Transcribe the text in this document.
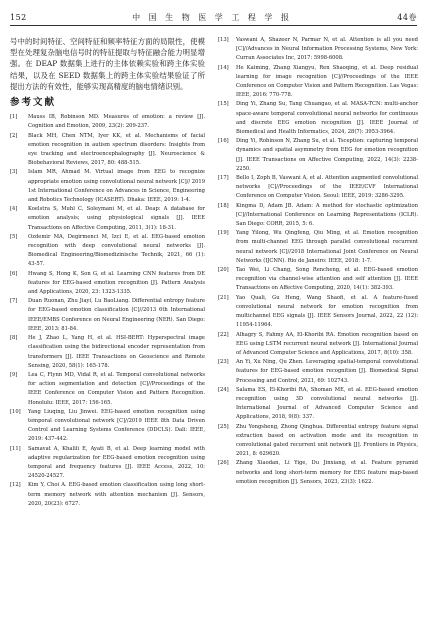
152	中 国 生 物 医 学 工 程 学 报	44卷

号中的时间特征、空间特征和频率特征方面的局限性，使模型在处理复杂脑电信号时的特征提取与特征融合能力明显增强。在 DEAP 数据集上进行的主体依赖实验和跨主体实验结果，以及在 SEED 数据集上的跨主体实验结果验证了所提出方法的有效性，能够实现高精度的脑电情绪识别。

参考文献
[1]	Mauss IB, Robinson MD. Measures of emotion: a review [J]. Cognition and Emotion, 2009, 23(2): 209-237.
[2]	Black MH, Chen NTM, Iyer KK, et al. Mechanisms of facial emotion recognition in autism spectrum disorders: Insights from eye tracking and electroencephalography [J]. Neuroscience & Biobehavioral Reviews, 2017, 80: 488-515.
[3]	Islam MR, Ahmad M. Virtual image from EEG to recognize appropriate emotion using convolutional neural network [C]// 2019 1st International Conference on Advances in Science, Engineering and Robotics Technology (ICASERT). Dhaka: IEEE, 2019: 1-4.
[4]	Koelstra S, Muhl C, Soleymani M, et al. Deap: A database for emotion analysis; using physiological signals [J]. IEEE Transactions on Affective Computing, 2011, 3(1): 18-31.
[5]	Ozdemir MA, Degirmenci M, Izci E, et al. EEG-based emotion recognition with deep convolutional neural networks [J]. Biomedical Engineering/Biomedizinische Technik, 2021, 66 (1): 43-57.
[6]	Hwang S, Hong K, Son G, et al. Learning CNN features from DE features for EEG-based emotion recognition [J]. Pattern Analysis and Applications, 2020, 23: 1323-1335.
[7]	Duan Ruonan, Zhu Jiayi, Lu BaoLiang. Differential entropy feature for EEG-based emotion classification [C]//2013 6th International IEEE/EMBS Conference on Neural Engineering (NER). San Diego: IEEE, 2013: 81-84.
[8]	He J, Zhao L, Yang H, et al. HSI-BERT: Hyperspectral image classification using the bidirectional encoder representation from transformers [J]. IEEE Transactions on Geoscience and Remote Sensing, 2020, 58(1): 165-178.
[9]	Lea C, Flynn MD, Vidal R, et al. Temporal convolutional networks for action segmentation and detection [C]//Proceedings of the IEEE Conference on Computer Vision and Pattern Recognition. Honolulu: IEEE, 2017: 156-165.
[10]	Yang Liuqing, Liu Jinwei. EEG-based emotion recognition using temporal convolutional network [C]//2019 IEEE 8th Data Driven Control and Learning Systems Conference (DDCLS). Dali: IEEE, 2019: 437-442.
[11]	Samavat A, Khalili E, Ayati B, et al. Deep learning model with adaptive regularization for EEG-based emotion recognition using temporal and frequency features [J]. IEEE Access, 2022, 10: 24520-24527.
[12]	Kim Y, Choi A. EEG-based emotion classification using long short-term memory network with attention mechanism [J]. Sensors, 2020, 20(23): 6727.
[13]	Vaswani A, Shazeer N, Parmar N, et al. Attention is all you need [C]//Advances in Neural Information Processing Systems, New York: Curran Associates Inc, 2017: 5998-6008.
[14]	He Kaiming, Zhang Xiangyu, Ren Shaoqing, et al. Deep residual learning for image recognition [C]//Proceedings of the IEEE Conference on Computer Vision and Pattern Recognition. Las Vegas: IEEE, 2016: 770-778.
[15]	Ding Yi, Zhang Su, Tang Chuangao, et al. MASA-TCN: multi-anchor space-aware temporal convolutional neural networks for continuous and discrete EEG emotion recognition [J]. IEEE Journal of Biomedical and Health Informatics, 2024, 28(7): 3953-3964.
[16]	Ding Yi, Robinson N, Zhang Su, et al. Tsception: capturing temporal dynamics and spatial asymmetry from EEG for emotion recognition [J]. IEEE Transactions on Affective Computing, 2022, 14(3): 2238-2250.
[17]	Bello I, Zoph B, Vaswani A, et al. Attention augmented convolutional networks [C]//Proceedings of the IEEE/CVF International Conference on Computer Vision. Seoul: IEEE, 2019: 3286-3295.
[18]	Kingma D, Adam JB. Adam: A method for stochastic optimization [C]//International Conference on Learning Representations (ICLR). San Diego: CORR, 2015, 5: 6.
[19]	Yang Yilong, Wu Qingfeng, Qiu Ming, et al. Emotion recognition from multi-channel EEG through parallel convolutional recurrent neural network [C]//2018 International Joint Conference on Neural Networks (IJCNN). Rio de Janeiro: IEEE, 2018: 1-7.
[20]	Tao Wei, Li Chang, Song Rencheng, et al. EEG-based emotion recognition via channel-wise attention and self attention [J]. IEEE Transactions on Affective Computing, 2020, 14(1): 382-393.
[21]	Yao Quali, Gu Heng, Wang Shaofi, et al. A feature-fused convolutional neural network for emotion recognition from multichannel EEG signals [J]. IEEE Sensors Journal, 2022, 22 (12): 11954-11964.
[22]	Alhagry S, Fahmy AA, El-Khoribi RA. Emotion recognition based on EEG using LSTM recurrent neural network [J]. International Journal of Advanced Computer Science and Applications, 2017, 8(10): 358.
[23]	An Yi, Xu Ning, Qu Zhen. Leveraging spatial-temporal convolutional features for EEG-based emotion recognition [J]. Biomedical Signal Processing and Control, 2021, 69: 102743.
[24]	Salama ES, El-Khoribi RA, Shoman ME, et al. EEG-based emotion recognition using 3D convolutional neural networks [J]. International Journal of Advanced Computer Science and Applications, 2018, 9(8): 337.
[25]	Zhu Yongsheng, Zhong Qinghua. Differential entropy feature signal extraction based on activation mode and its recognition in convolutional gated recurrent unit network [J]. Frontiers in Physics, 2021, 8: 629620.
[26]	Zhang Xiaodan, Li Yige, Du Jinxiang, et al. Feature pyramid networks and long short-term memory for EEG feature map-based emotion recognition [J]. Sensors, 2023, 23(3): 1622.
